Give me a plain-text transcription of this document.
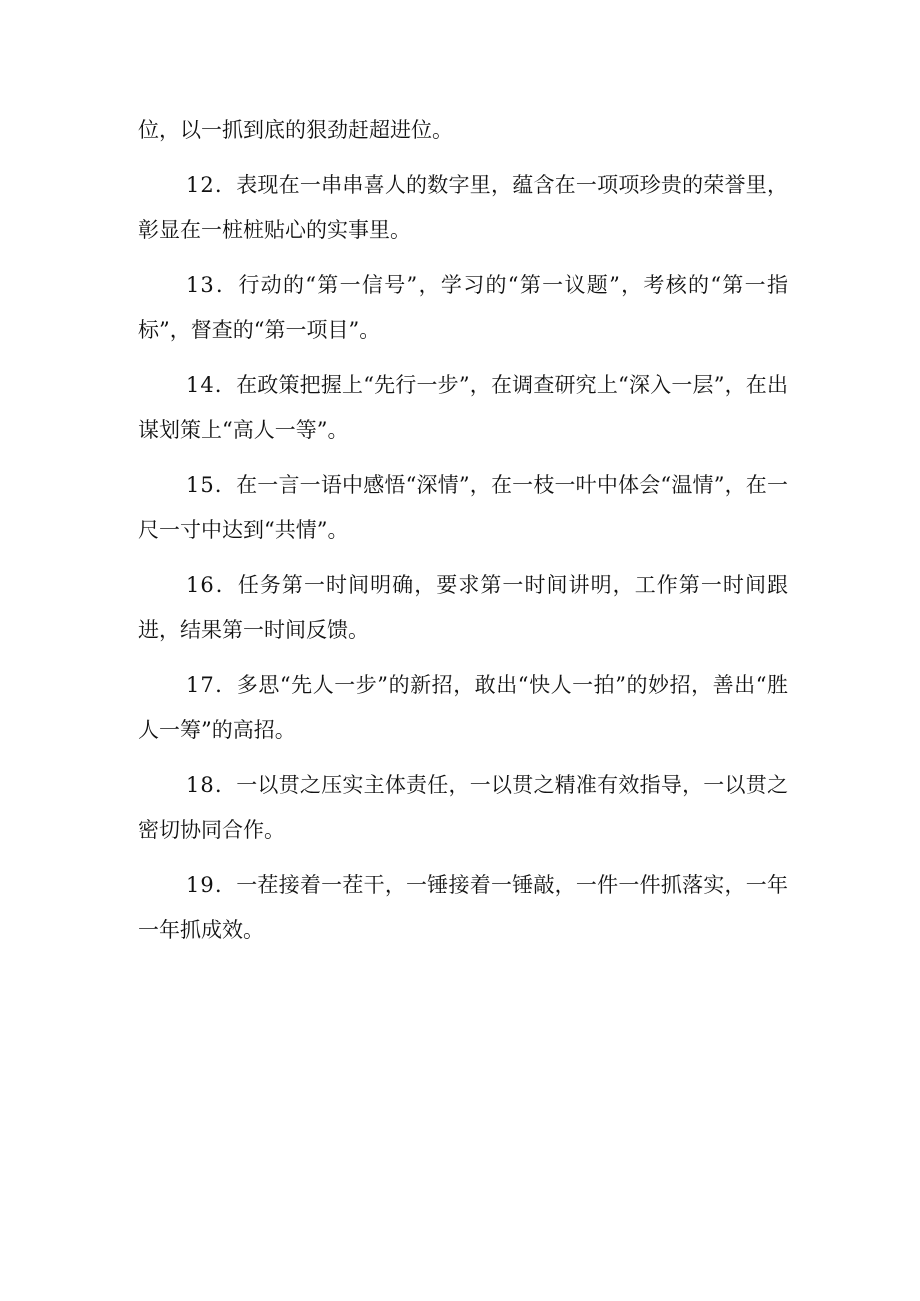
位，以一抓到底的狠劲赶超进位。

12．表现在一串串喜人的数字里，蕴含在一项项珍贵的荣誉里，彰显在一桩桩贴心的实事里。

13．行动的“第一信号”，学习的“第一议题”，考核的“第一指标”，督查的“第一项目”。

14．在政策把握上“先行一步”，在调查研究上“深入一层”，在出谋划策上“高人一等”。

15．在一言一语中感悟“深情”，在一枝一叶中体会“温情”，在一尺一寸中达到“共情”。

16．任务第一时间明确，要求第一时间讲明，工作第一时间跟进，结果第一时间反馈。

17．多思“先人一步”的新招，敢出“快人一拍”的妙招，善出“胜人一筹”的高招。

18．一以贯之压实主体责任，一以贯之精准有效指导，一以贯之密切协同合作。

19．一茬接着一茬干，一锤接着一锤敲，一件一件抓落实，一年一年抓成效。
